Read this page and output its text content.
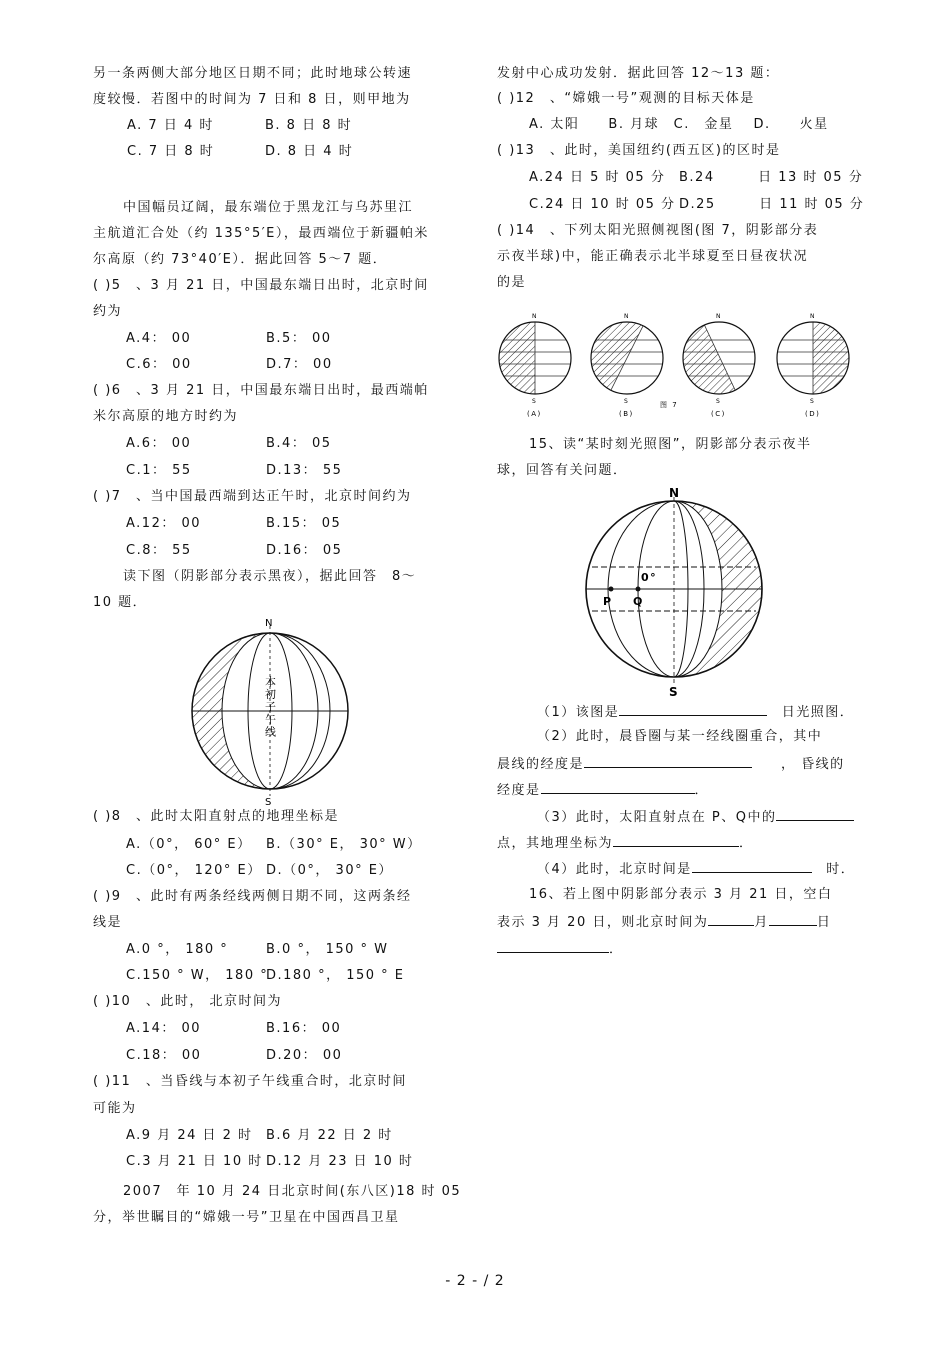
另一条两侧大部分地区日期不同；此时地球公转速
度较慢．若图中的时间为 7 日和 8 日，则甲地为
A. 7 日 4 时	B. 8 日 8 时
C. 7 日 8 时	D. 8 日 4 时
中国幅员辽阔，最东端位于黑龙江与乌苏里江
主航道汇合处（约 135°5′E），最西端位于新疆帕米
尔高原（约 73°40′E）．据此回答 5～7 题．
( )5　、3 月 21 日，中国最东端日出时，北京时间
约为
A.4： 00	B.5： 00
C.6： 00	D.7： 00
( )6　、3 月 21 日，中国最东端日出时，最西端帕
米尔高原的地方时约为
A.6： 00	B.4： 05
C.1： 55	D.13： 55
( )7　、当中国最西端到达正午时，北京时间约为
A.12： 00	B.15： 05
C.8： 55	D.16： 05
读下图（阴影部分表示黑夜），据此回答　8～
10 题．
N
S
本初子午线
( )8　、此时太阳直射点的地理坐标是
A.（0°， 60° E） B.（30° E， 30° W）
C.（0°， 120° E） D.（0°， 30° E）
( )9　、此时有两条经线两侧日期不同，这两条经
线是
A.0 °， 180 °	B.0 °， 150 ° W
C.150 ° W， 180 °
D.180 °， 150 ° E
( )10　、此时， 北京时间为
A.14： 00	B.16： 00
C.18： 00	D.20： 00
( )11　、当昏线与本初子午线重合时，北京时间
可能为
A.9 月 24 日 2 时 B.6 月 22 日 2 时
C.3 月 21 日 10 时 D.12 月 23 日 10 时
2007　年 10 月 24 日北京时间(东八区)18 时 05
分，举世瞩目的“嫦娥一号”卫星在中国西昌卫星
发射中心成功发射．据此回答 12～13 题：
( )12　、“嫦娥一号”观测的目标天体是
A. 太阳　　B. 月球　C.　金星　 D.　　火星
( )13　、此时，美国纽约(西五区)的区时是
A.24 日 5 时 05 分 B.24　　　日 13 时 05 分
C.24 日 10 时 05 分 D.25　　　日 11 时 05 分
( )14　、下列太阳光照侧视图(图 7，阴影部分表
示夜半球)中，能正确表示北半球夏至日昼夜状况
的是
N
S
(A)
N
S
(B)
N
S
(C)
图 7
N
S
(D)
15、读“某时刻光照图”，阴影部分表示夜半
球，回答有关问题．
N
S
0°
P Q
（1）该图是　	日光照图．
（2）此时，晨昏圈与某一经线圈重合，其中
晨线的经度是　　	， 昏线的
经度是	．
（3）此时，太阳直射点在 P、Q中的
点，其地理坐标为	．
（4）此时，北京时间是　	时．
16、若上图中阴影部分表示 3 月 21 日，空白
表示 3 月 20 日，则北京时间为	月	日
．
- 2 - / 2
